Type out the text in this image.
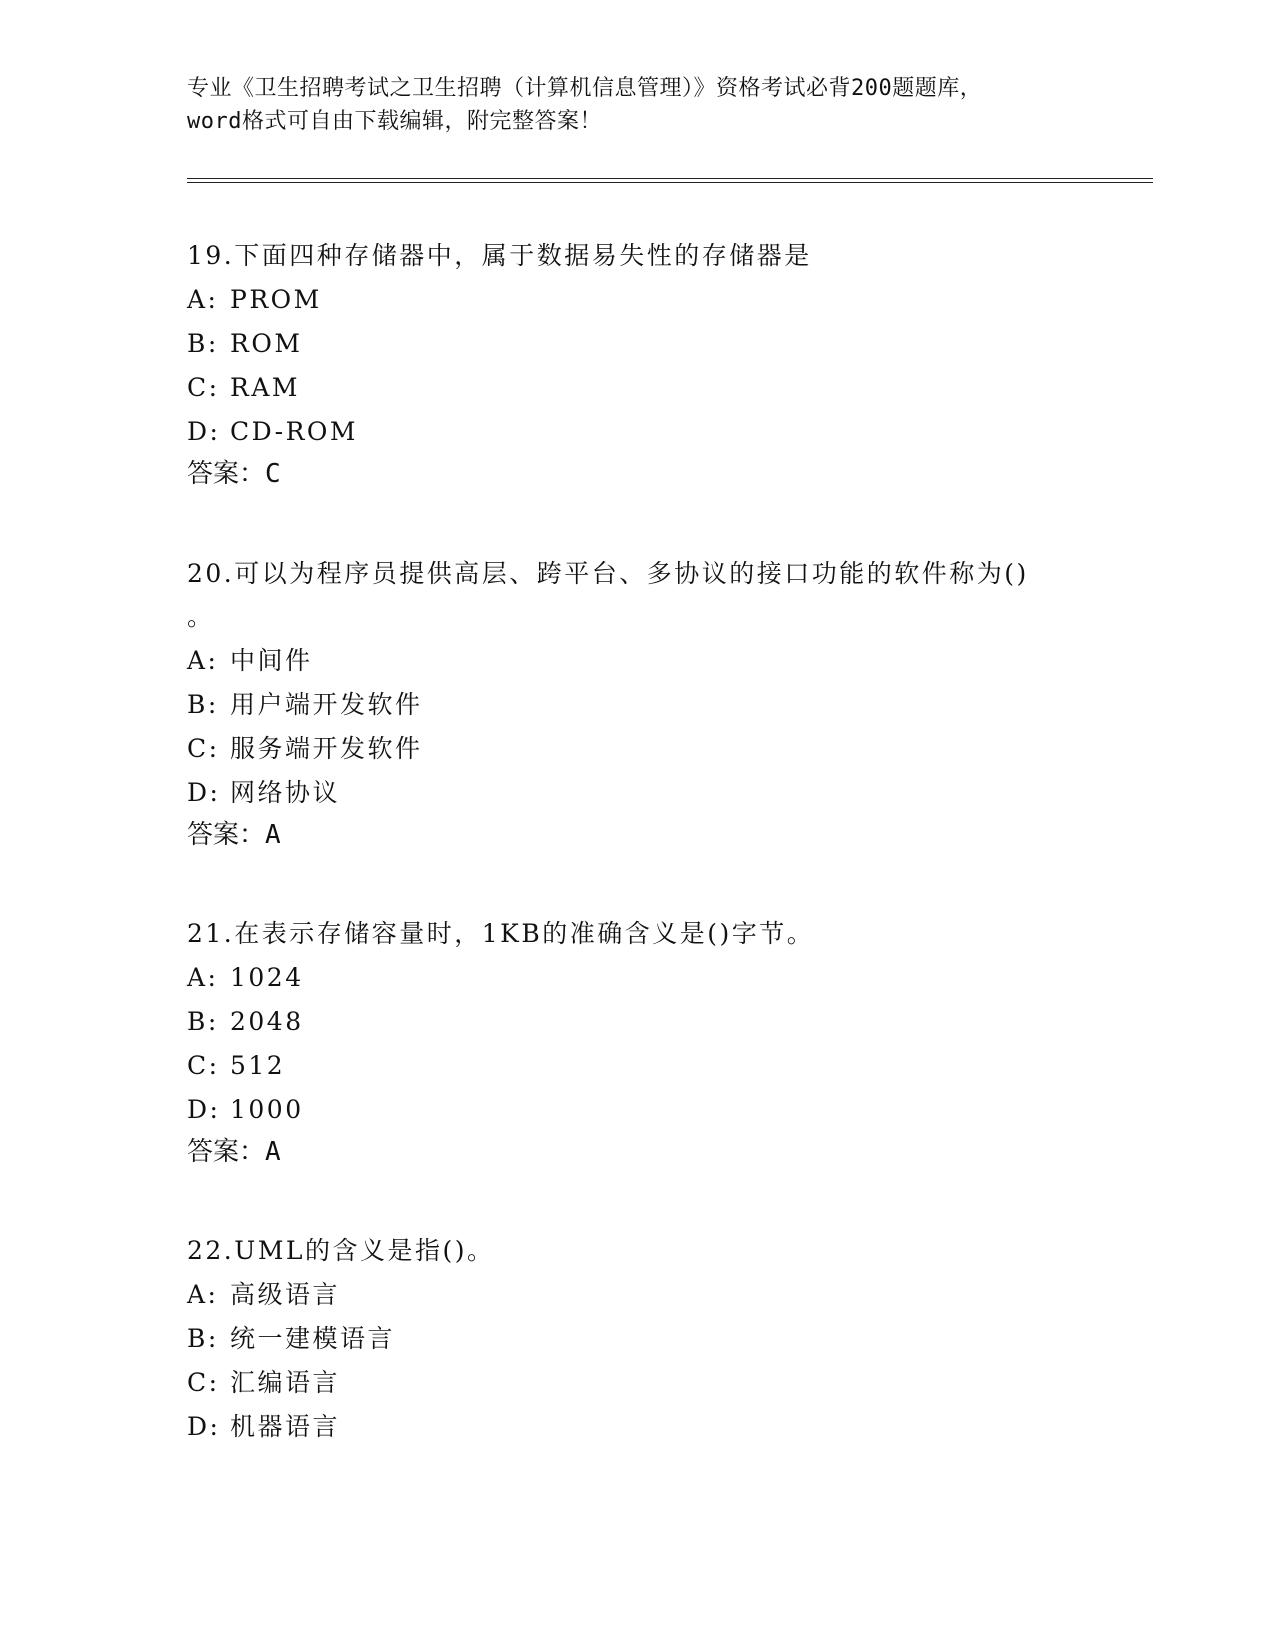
专业《卫生招聘考试之卫生招聘（计算机信息管理）》资格考试必背200题题库，
word格式可自由下载编辑，附完整答案！

19.下面四种存储器中，属于数据易失性的存储器是

A: PROM

B: ROM

C: RAM

D: CD-ROM

答案：C

20.可以为程序员提供高层、跨平台、多协议的接口功能的软件称为()

。

A: 中间件

B: 用户端开发软件

C: 服务端开发软件

D: 网络协议

答案：A

21.在表示存储容量时，1KB的准确含义是()字节。

A: 1024

B: 2048

C: 512

D: 1000

答案：A

22.UML的含义是指()。

A: 高级语言

B: 统一建模语言

C: 汇编语言

D: 机器语言
